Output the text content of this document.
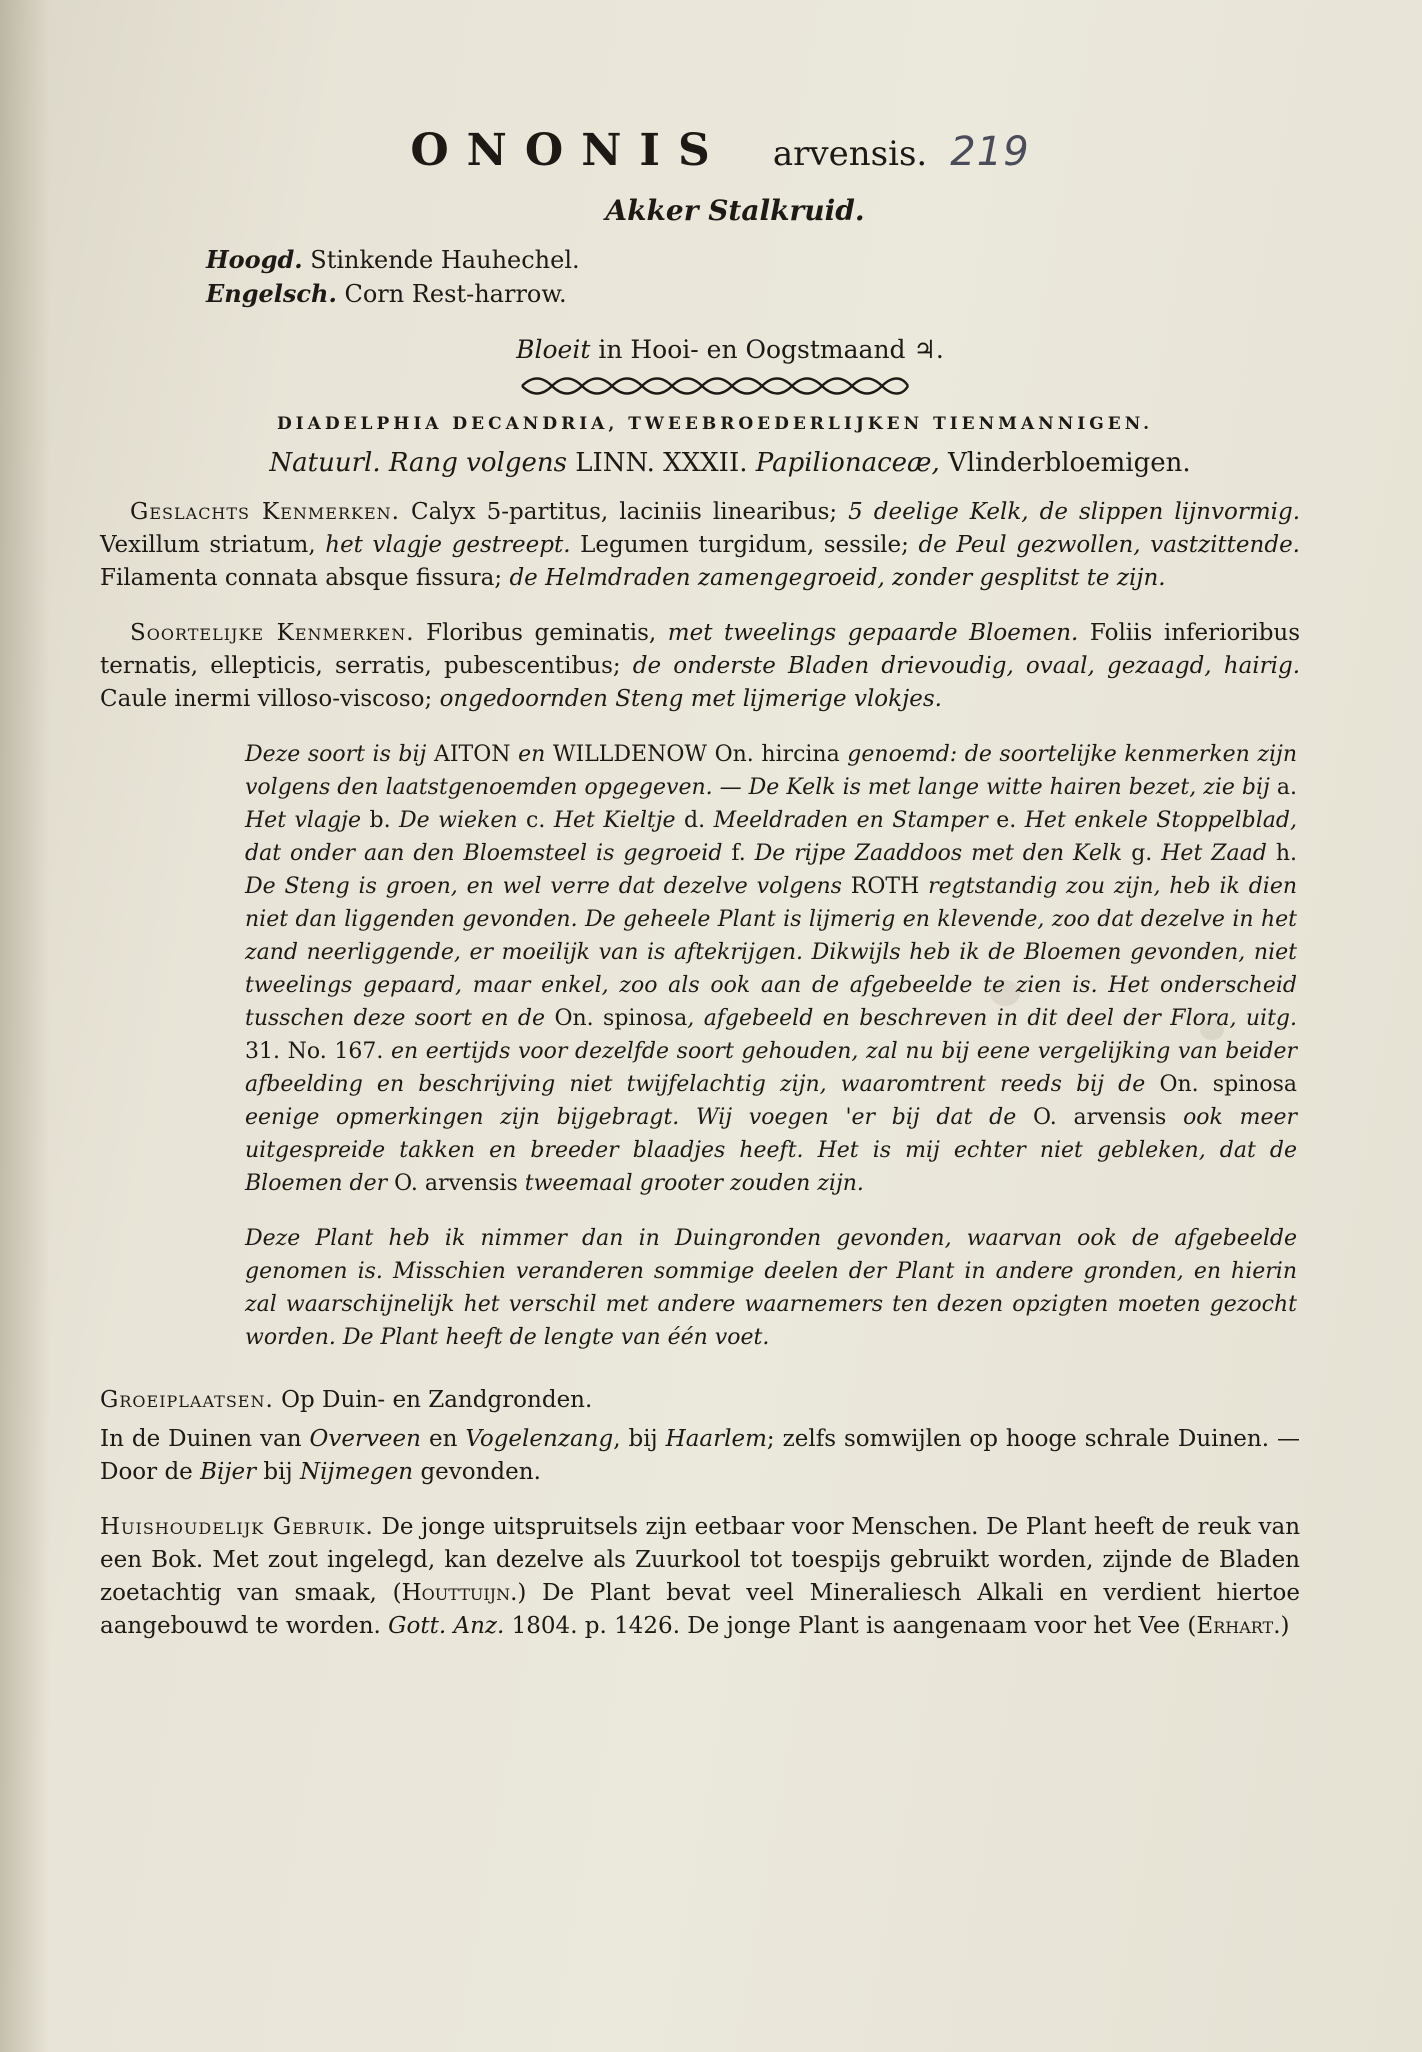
ONONIS arvensis. 219
Akker Stalkruid.
Hoogd. Stinkende Hauhechel.
Engelsch. Corn Rest-harrow.
Bloeit in Hooi- en Oogstmaand ♃.
DIADELPHIA DECANDRIA, TWEEBROEDERLIJKEN TIENMANNIGEN.
Natuurl. Rang volgens LINN. XXXII. Papilionaceæ, Vlinderbloemigen.

Geslachts Kenmerken. Calyx 5-partitus, laciniis linearibus; 5 deelige Kelk, de slippen lijnvormig. Vexillum striatum, het vlagje gestreept. Legumen turgidum, sessile; de Peul gezwollen, vastzittende. Filamenta connata absque fissura; de Helmdraden zamengegroeid, zonder gesplitst te zijn.

Soortelijke Kenmerken. Floribus geminatis, met tweelings gepaarde Bloemen. Foliis inferioribus ternatis, ellepticis, serratis, pubescentibus; de onderste Bladen drievoudig, ovaal, gezaagd, hairig. Caule inermi villoso-viscoso; ongedoornden Steng met lijmerige vlokjes.

Deze soort is bij AITON en WILLDENOW On. hircina genoemd: de soortelijke kenmerken zijn volgens den laatstgenoemden opgegeven. — De Kelk is met lange witte hairen bezet, zie bij a. Het vlagje b. De wieken c. Het Kieltje d. Meeldraden en Stamper e. Het enkele Stoppelblad, dat onder aan den Bloemsteel is gegroeid f. De rijpe Zaaddoos met den Kelk g. Het Zaad h. De Steng is groen, en wel verre dat dezelve volgens ROTH regtstandig zou zijn, heb ik dien niet dan liggenden gevonden. De geheele Plant is lijmerig en klevende, zoo dat dezelve in het zand neerliggende, er moeilijk van is aftekrijgen. Dikwijls heb ik de Bloemen gevonden, niet tweelings gepaard, maar enkel, zoo als ook aan de afgebeelde te zien is. Het onderscheid tusschen deze soort en de On. spinosa, afgebeeld en beschreven in dit deel der Flora, uitg. 31. No. 167. en eertijds voor dezelfde soort gehouden, zal nu bij eene vergelijking van beider afbeelding en beschrijving niet twijfelachtig zijn, waaromtrent reeds bij de On. spinosa eenige opmerkingen zijn bijgebragt. Wij voegen 'er bij dat de O. arvensis ook meer uitgespreide takken en breeder blaadjes heeft. Het is mij echter niet gebleken, dat de Bloemen der O. arvensis tweemaal grooter zouden zijn.

Deze Plant heb ik nimmer dan in Duingronden gevonden, waarvan ook de afgebeelde genomen is. Misschien veranderen sommige deelen der Plant in andere gronden, en hierin zal waarschijnelijk het verschil met andere waarnemers ten dezen opzigten moeten gezocht worden. De Plant heeft de lengte van één voet.

Groeiplaatsen. Op Duin- en Zandgronden.

In de Duinen van Overveen en Vogelenzang, bij Haarlem; zelfs somwijlen op hooge schrale Duinen. — Door de Bijer bij Nijmegen gevonden.

Huishoudelijk Gebruik. De jonge uitspruitsels zijn eetbaar voor Menschen. De Plant heeft de reuk van een Bok. Met zout ingelegd, kan dezelve als Zuurkool tot toespijs gebruikt worden, zijnde de Bladen zoetachtig van smaak, (Houttuijn.) De Plant bevat veel Mineraliesch Alkali en verdient hiertoe aangebouwd te worden. Gott. Anz. 1804. p. 1426. De jonge Plant is aangenaam voor het Vee (Erhart.)
